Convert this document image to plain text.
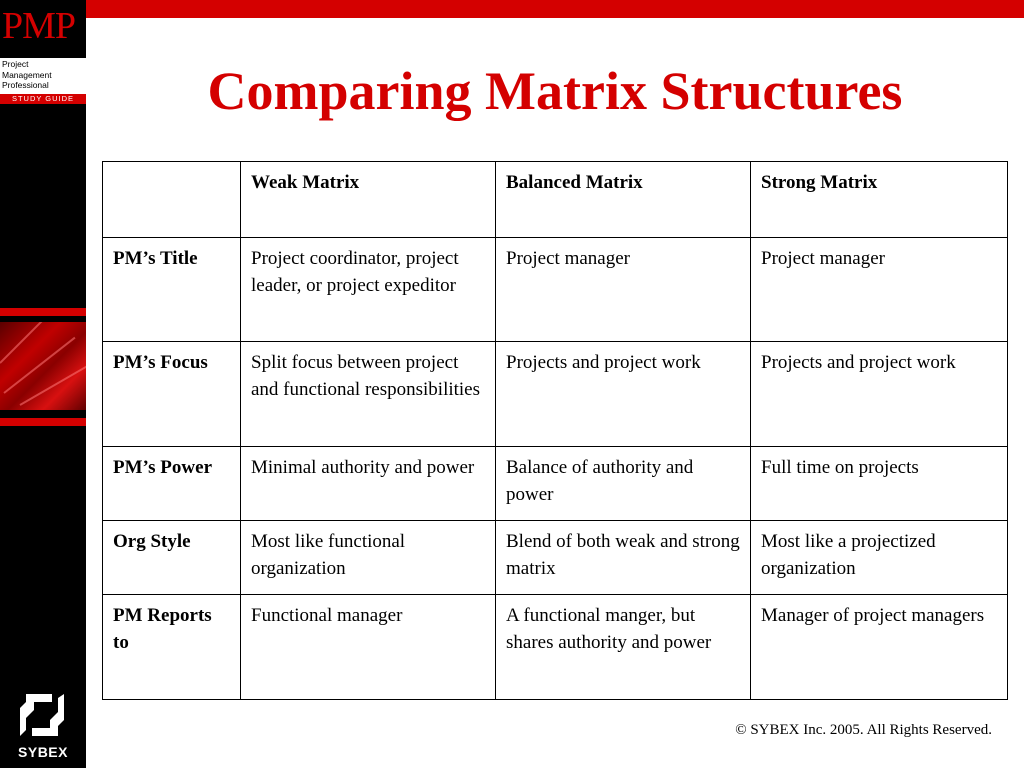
PMP
Project
Management
Professional
STUDY GUIDE
SYBEX
Comparing Matrix Structures
	Weak Matrix	Balanced Matrix	Strong Matrix
PM’s Title	Project coordinator, project leader, or project expeditor	Project manager	Project manager
PM’s Focus	Split focus between project and functional responsibilities	Projects and project work	Projects and project work
PM’s Power	Minimal authority and power	Balance of authority and power	Full time on projects
Org Style	Most like functional organization	Blend of both weak and strong matrix	Most like a projectized organization
PM Reports to	Functional manager	A functional manger, but shares authority and power	Manager of project managers
© SYBEX Inc. 2005. All Rights Reserved.
